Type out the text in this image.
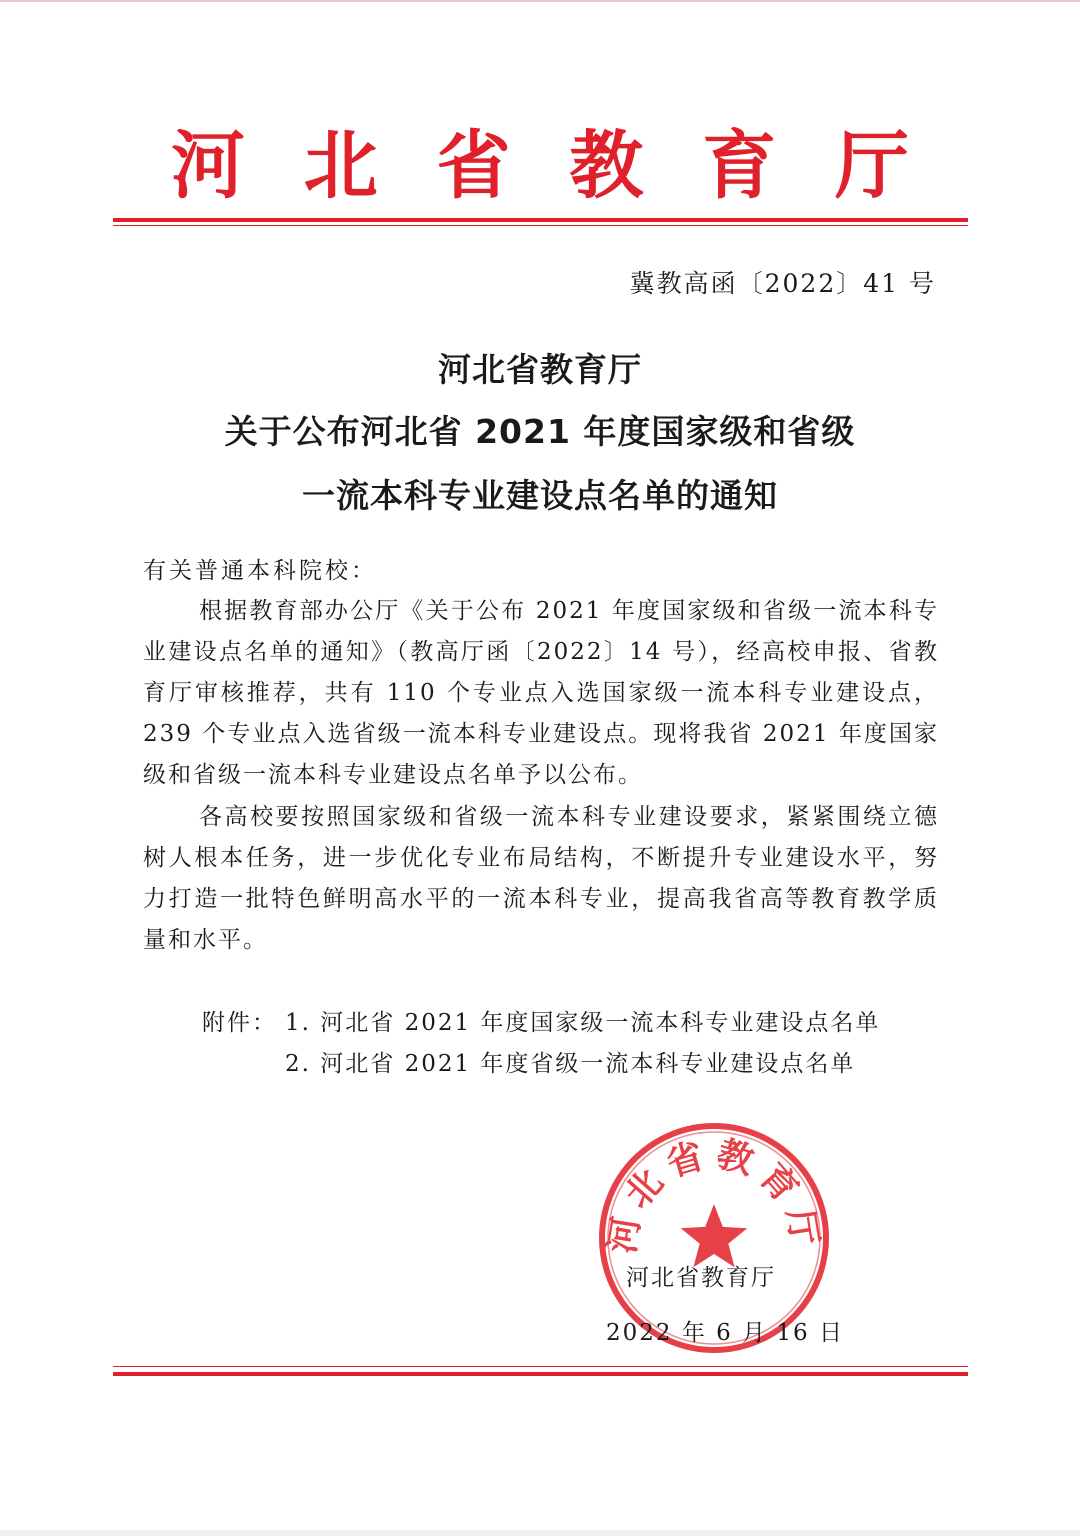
河 北 省 教 育 厅
冀教高函〔2022〕41 号
河北省教育厅
关于公布河北省 2021 年度国家级和省级
一流本科专业建设点名单的通知
有关普通本科院校：
根据教育部办公厅《关于公布 2021 年度国家级和省级一流本科专业建设点名单的通知》（教高厅函〔2022〕14 号），经高校申报、省教育厅审核推荐，共有 110 个专业点入选国家级一流本科专业建设点，239 个专业点入选省级一流本科专业建设点。现将我省 2021 年度国家级和省级一流本科专业建设点名单予以公布。
各高校要按照国家级和省级一流本科专业建设要求，紧紧围绕立德树人根本任务，进一步优化专业布局结构，不断提升专业建设水平，努力打造一批特色鲜明高水平的一流本科专业，提高我省高等教育教学质量和水平。
附件： 1. 河北省 2021 年度国家级一流本科专业建设点名单
2. 河北省 2021 年度省级一流本科专业建设点名单
河北省教育厅
河北省教育厅
2022 年 6 月 16 日
